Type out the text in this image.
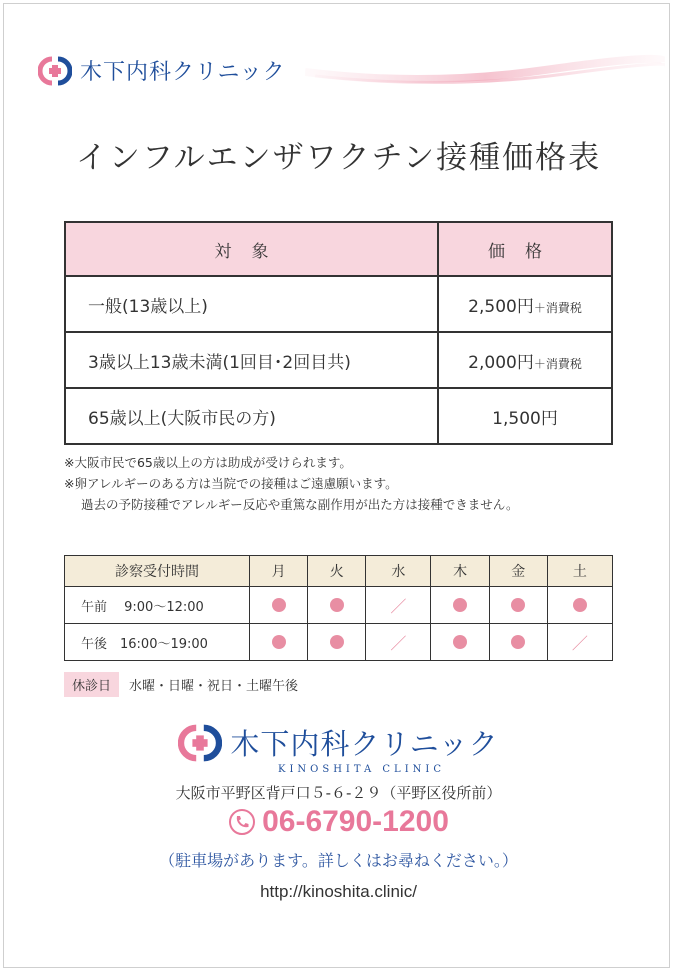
木下内科クリニック
インフルエンザワクチン接種価格表
対象	価格
一般(13歳以上)	2,500円＋消費税
3歳以上13歳未満(1回目･2回目共)	2,000円＋消費税
65歳以上(大阪市民の方)	1,500円
※大阪市民で65歳以上の方は助成が受けられます。
※卵アレルギーのある方は当院での接種はご遠慮願います。
過去の予防接種でアレルギー反応や重篤な副作用が出た方は接種できません。
診察受付時間	月	火	水	木	金	土
午前　 9:00～12:00			／			
午後　16:00～19:00			／			／
休診日	水曜・日曜・祝日・土曜午後
木下内科クリニック
KINOSHITA CLINIC
大阪市平野区背戸口５-６-２９（平野区役所前）
06-6790-1200
（駐車場があります。詳しくはお尋ねください。）
http://kinoshita.clinic/
